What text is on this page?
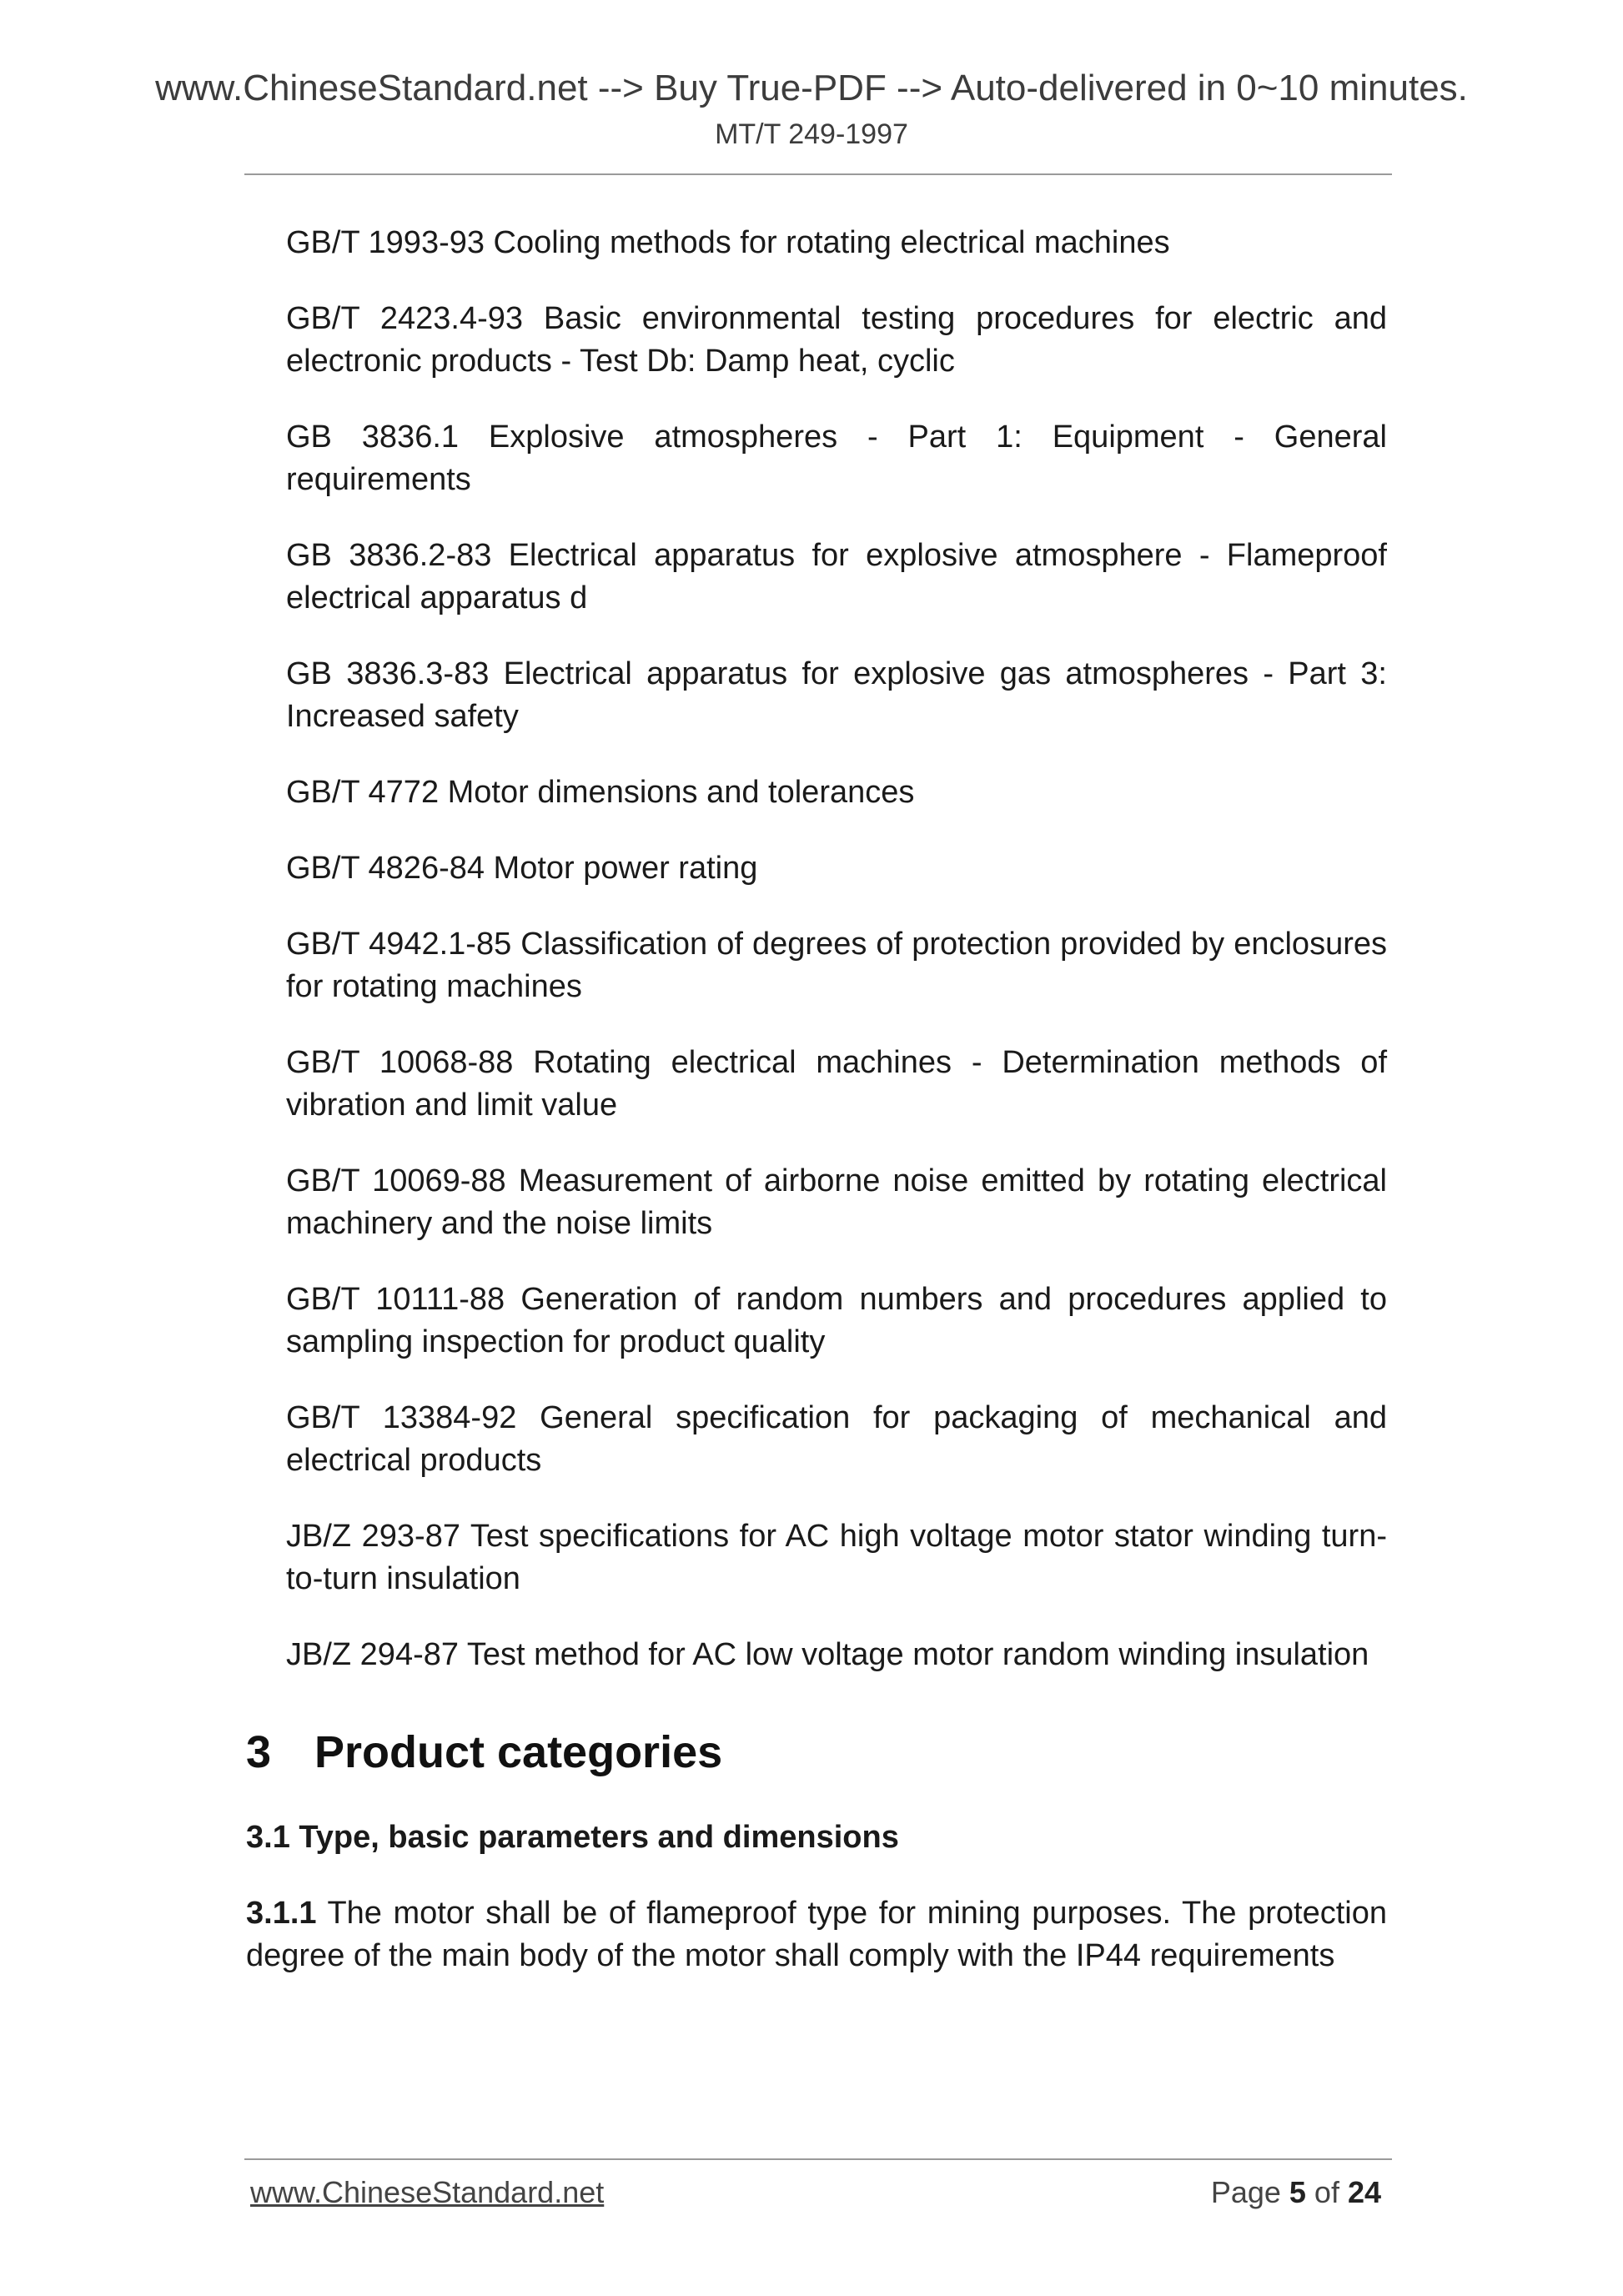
www.ChineseStandard.net --> Buy True-PDF --> Auto-delivered in 0~10 minutes.
MT/T 249-1997
GB/T 1993-93 Cooling methods for rotating electrical machines
GB/T 2423.4-93 Basic environmental testing procedures for electric and electronic products - Test Db: Damp heat, cyclic
GB 3836.1 Explosive atmospheres - Part 1: Equipment - General requirements
GB 3836.2-83 Electrical apparatus for explosive atmosphere - Flameproof electrical apparatus d
GB 3836.3-83 Electrical apparatus for explosive gas atmospheres - Part 3: Increased safety
GB/T 4772 Motor dimensions and tolerances
GB/T 4826-84 Motor power rating
GB/T 4942.1-85 Classification of degrees of protection provided by enclosures for rotating machines
GB/T 10068-88 Rotating electrical machines - Determination methods of vibration and limit value
GB/T 10069-88 Measurement of airborne noise emitted by rotating electrical machinery and the noise limits
GB/T 10111-88 Generation of random numbers and procedures applied to sampling inspection for product quality
GB/T 13384-92 General specification for packaging of mechanical and electrical products
JB/Z 293-87 Test specifications for AC high voltage motor stator winding turn-to-turn insulation
JB/Z 294-87 Test method for AC low voltage motor random winding insulation
3 Product categories
3.1 Type, basic parameters and dimensions

3.1.1 The motor shall be of flameproof type for mining purposes. The protection degree of the main body of the motor shall comply with the IP44 requirements

www.ChineseStandard.net	Page 5 of 24
